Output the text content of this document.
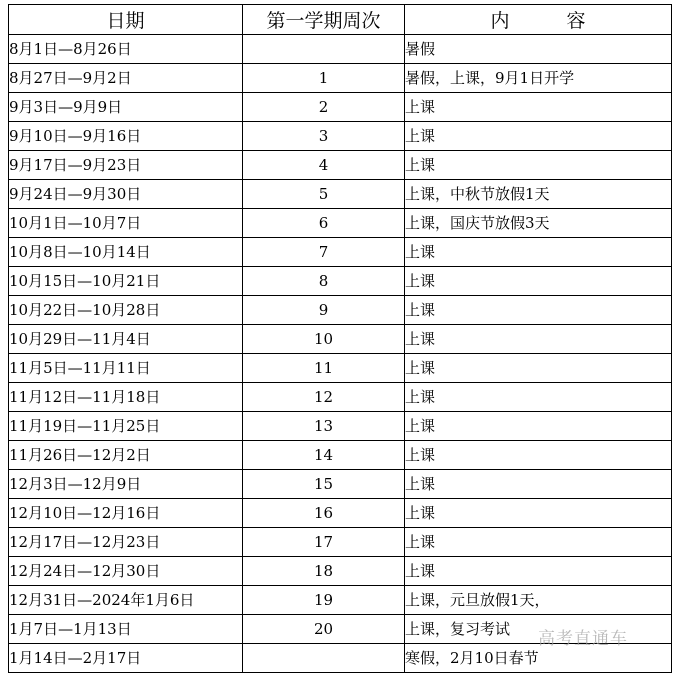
日期	第一学期周次	内　　　容
8月1日—8月26日		暑假
8月27日—9月2日	1	暑假，上课，9月1日开学
9月3日—9月9日	2	上课
9月10日—9月16日	3	上课
9月17日—9月23日	4	上课
9月24日—9月30日	5	上课，中秋节放假1天
10月1日—10月7日	6	上课，国庆节放假3天
10月8日—10月14日	7	上课
10月15日—10月21日	8	上课
10月22日—10月28日	9	上课
10月29日—11月4日	10	上课
11月5日—11月11日	11	上课
11月12日—11月18日	12	上课
11月19日—11月25日	13	上课
11月26日—12月2日	14	上课
12月3日—12月9日	15	上课
12月10日—12月16日	16	上课
12月17日—12月23日	17	上课
12月24日—12月30日	18	上课
12月31日—2024年1月6日	19	上课，元旦放假1天，
1月7日—1月13日	20	上课，复习考试
1月14日—2月17日		寒假，2月10日春节
高考直通车
